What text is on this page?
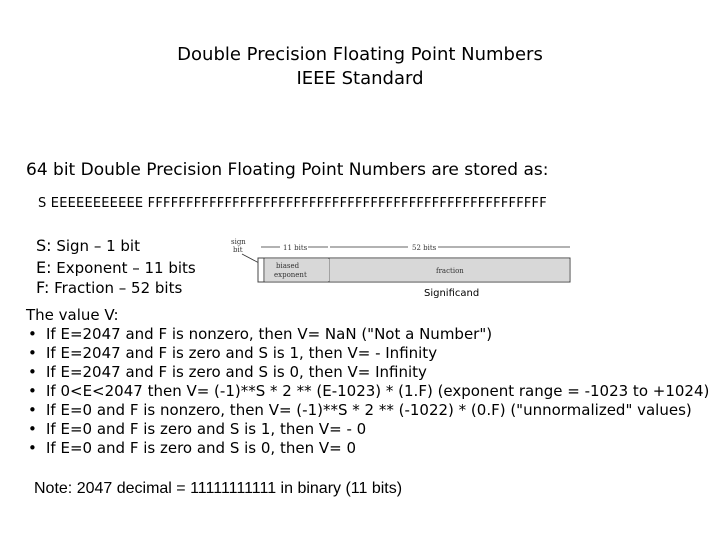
Double Precision Floating Point Numbers
IEEE Standard
64 bit Double Precision Floating Point Numbers are stored as:
S EEEEEEEEEEE FFFFFFFFFFFFFFFFFFFFFFFFFFFFFFFFFFFFFFFFFFFFFFFFFFFF
S: Sign – 1 bit
E: Exponent – 11 bits
F: Fraction – 52 bits
sign
bit	11 bits	52 bits
biased
exponent	fraction
Significand
The value V:
• If E=2047 and F is nonzero, then V= NaN ("Not a Number")
• If E=2047 and F is zero and S is 1, then V= - Infinity
• If E=2047 and F is zero and S is 0, then V= Infinity
• If 0<E<2047 then V= (-1)**S * 2 ** (E-1023) * (1.F) (exponent range = -1023 to +1024)
• If E=0 and F is nonzero, then V= (-1)**S * 2 ** (-1022) * (0.F) ("unnormalized" values)
• If E=0 and F is zero and S is 1, then V= - 0
• If E=0 and F is zero and S is 0, then V= 0
Note: 2047 decimal = 11111111111 in binary (11 bits)
